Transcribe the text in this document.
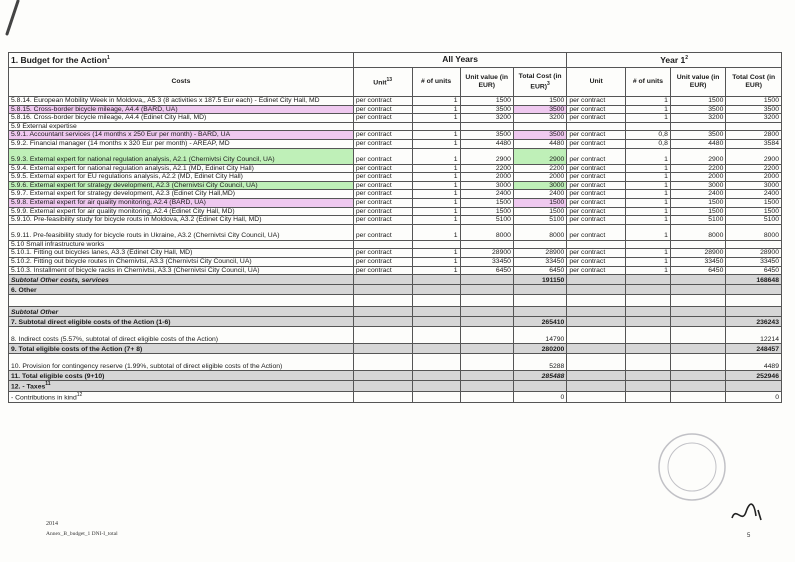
1. Budget for the Action$^1$	All Years				Year $1^2$
Costs	Unit$^{13}$	# of units	Unit value (in EUR)	Total Cost (in EUR)$^3$	Unit	# of units	Unit value (in EUR)	Total Cost (in EUR)
5.8.14. European Mobility Week in Moldova,, A5.3 (8 activities x 187.5 Eur each) - Edinet City Hall, MD	per contract	1	1500	1500	per contract	1	1500	1500
5.8.15. Cross-border bicycle mileage, A4.4 (BARD, UA)	per contract	1	3500	3500	per contract	1	3500	3500
5.8.16. Cross-border bicycle mileage, A4.4 (Edinet City Hall, MD)	per contract	1	3200	3200	per contract	1	3200	3200
5.9 External expertise								
5.9.1. Accountant services (14 months x 250 Eur per month) - BARD, UA	per contract	1	3500	3500	per contract	0,8	3500	2800
5.9.2. Financial manager (14 months x 320 Eur per month) - AREAP, MD	per contract	1	4480	4480	per contract	0,8	4480	3584
5.9.3. External expert for national regulation analysis, A2.1 (Chernivtsi City Council, UA)	per contract	1	2900	2900	per contract	1	2900	2900
5.9.4. External expert for national regulation analysis, A2.1 (MD, Edinet City Hall)	per contract	1	2200	2200	per contract	1	2200	2200
5.9.5. External expert for EU regulations analysis, A2.2 (MD, Edinet City Hall)	per contract	1	2000	2000	per contract	1	2000	2000
5.9.6. External expert for strategy development, A2.3 (Chernivtsi City Council, UA)	per contract	1	3000	3000	per contract	1	3000	3000
5.9.7. External expert for strategy development, A2.3 (Edinet City Hall,MD)	per contract	1	2400	2400	per contract	1	2400	2400
5.9.8. External expert for air quality monitoring, A2.4 (BARD, UA)	per contract	1	1500	1500	per contract	1	1500	1500
5.9.9. External expert for air quality monitoring, A2.4 (Edinet City Hall, MD)	per contract	1	1500	1500	per contract	1	1500	1500
5.9.10. Pre-feasibility study for bicycle routs in Moldova, A3.2 (Edinet City Hall, MD)	per contract	1	5100	5100	per contract	1	5100	5100
5.9.11. Pre-feasibility study for bicycle routs in Ukraine, A3.2 (Chernivtsi City Council, UA)	per contract	1	8000	8000	per contract	1	8000	8000
5.10 Small infrastructure works								
5.10.1. Fitting out bicycles lanes, A3.3 (Edinet City Hall, MD)	per contract	1	28900	28900	per contract	1	28900	28900
5.10.2. Fitting out bicycle routes in Chernivtsi, A3.3 (Chernivtsi City Council, UA)	per contract	1	33450	33450	per contract	1	33450	33450
5.10.3. Installment of bicycle racks in Chernivtsi, A3.3 (Chernivtsi City Council, UA)	per contract	1	6450	6450	per contract	1	6450	6450
Subtotal Other costs, services				191150				168648
6. Other								

Subtotal Other								
7. Subtotal direct eligible costs of the Action (1-6)				265410				236243
8. Indirect costs (5.57%, subtotal of direct eligible costs of the Action)				14790				12214
9. Total eligible costs of the Action (7+ 8)				280200				248457
10. Provision for contingency reserve (1.99%, subtotal of direct eligible costs of the Action)				5288				4489
11. Total eligible costs (9+10)				285488				252946
12. - Taxes$^{11}$								
- Contributions in kind$^{12}$				0				0
2014
Annex_B_budget_1 DNI-I_total	5
